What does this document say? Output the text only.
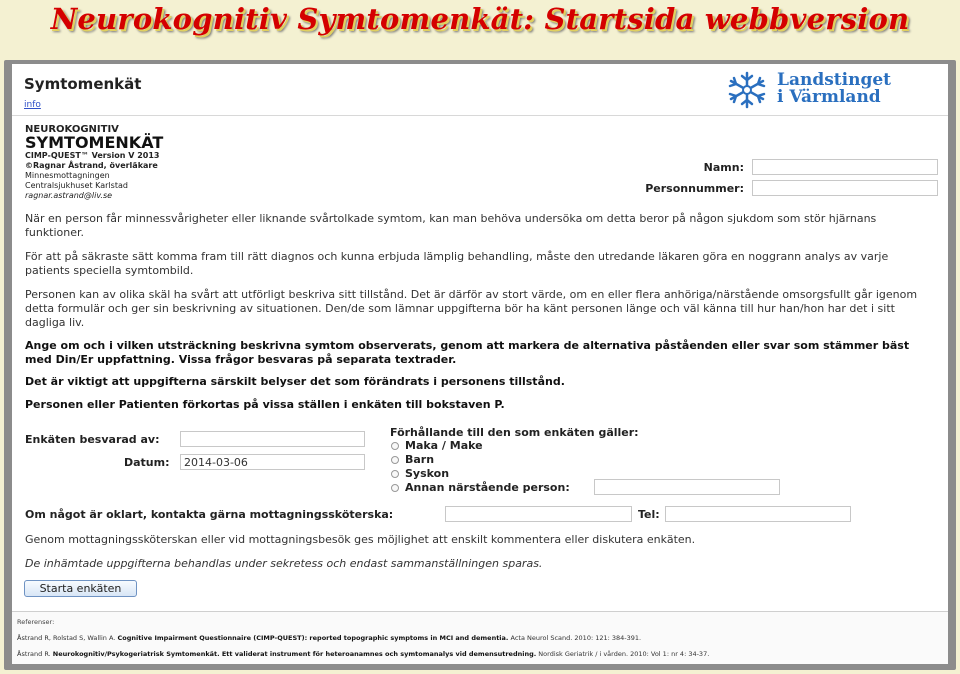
Neurokognitiv Symtomenkät: Startsida webbversion
Symtomenkät
info
Landstinget
i Värmland
NEUROKOGNITIV
SYMTOMENKÄT
CIMP-QUEST™ Version V 2013
©Ragnar Åstrand, överläkare
Minnesmottagningen
Centralsjukhuset Karlstad
ragnar.astrand@liv.se
Namn:
Personnummer:
När en person får minnessvårigheter eller liknande svårtolkade symtom, kan man behöva undersöka om detta beror på någon sjukdom som stör hjärnans funktioner.
För att på säkraste sätt komma fram till rätt diagnos och kunna erbjuda lämplig behandling, måste den utredande läkaren göra en noggrann analys av varje patients speciella symtombild.
Personen kan av olika skäl ha svårt att utförligt beskriva sitt tillstånd. Det är därför av stort värde, om en eller flera anhöriga/närstående omsorgsfullt går igenom detta formulär och ger sin beskrivning av situationen. Den/de som lämnar uppgifterna bör ha känt personen länge och väl känna till hur han/hon har det i sitt dagliga liv.
Ange om och i vilken utsträckning beskrivna symtom observerats, genom att markera de alternativa påståenden eller svar som stämmer bäst med Din/Er uppfattning. Vissa frågor besvaras på separata textrader.
Det är viktigt att uppgifterna särskilt belyser det som förändrats i personens tillstånd.
Personen eller Patienten förkortas på vissa ställen i enkäten till bokstaven P.
Enkäten besvarad av:
Datum:
2014-03-06
Förhållande till den som enkäten gäller:
Maka / Make
Barn
Syskon
Annan närstående person:
Om något är oklart, kontakta gärna mottagningssköterska:	Tel:
Genom mottagningssköterskan eller vid mottagningsbesök ges möjlighet att enskilt kommentera eller diskutera enkäten.
De inhämtade uppgifterna behandlas under sekretess och endast sammanställningen sparas.
Starta enkäten
Referenser:
Åstrand R, Rolstad S, Wallin A. Cognitive Impairment Questionnaire (CIMP-QUEST): reported topographic symptoms in MCI and dementia. Acta Neurol Scand. 2010: 121: 384-391.
Åstrand R. Neurokognitiv/Psykogeriatrisk Symtomenkät. Ett validerat instrument för heteroanamnes och symtomanalys vid demensutredning. Nordisk Geriatrik / i vården. 2010: Vol 1: nr 4: 34-37.
